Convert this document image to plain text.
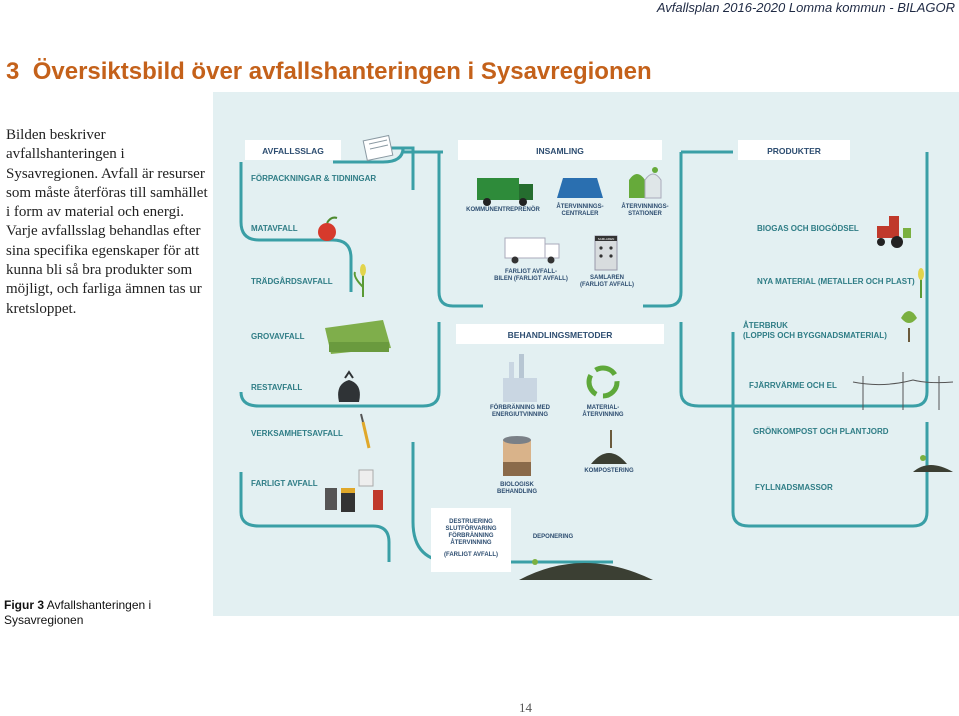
Avfallsplan 2016-2020 Lomma kommun - BILAGOR
3 Översiktsbild över avfallshanteringen i Sysavregionen
Bilden beskriver avfallshanteringen i Sysavregionen. Avfall är resurser som måste återföras till samhället i form av material och energi. Varje avfallsslag behandlas efter sina specifika egenskaper för att kunna bli så bra produkter som möjligt, och farliga ämnen tas ur kretsloppet.
AVFALLSSLAG	INSAMLING	PRODUKTER
BEHANDLINGSMETODER
FÖRPACKNINGAR & TIDNINGAR
MATAVFALL
TRÄDGÅRDSAVFALL
GROVAVFALL
RESTAVFALL
VERKSAMHETSAVFALL
FARLIGT AVFALL
KOMMUNENTREPRENÖR	ÅTERVINNINGS-
CENTRALER
ÅTERVINNINGS-
STATIONER
FARLIGT AVFALL-
BILEN (FARLIGT AVFALL)
SAMLAREN
SAMLAREN
(FARLIGT AVFALL)
FÖRBRÄNNING MED
ENERGIUTVINNING
MATERIAL-
ÅTERVINNING
KOMPOSTERING
BIOLOGISK
BEHANDLING
DESTRUERING
SLUTFÖRVARING
FÖRBRÄNNING
ÅTERVINNING
(FARLIGT AVFALL)
DEPONERING
BIOGAS OCH BIOGÖDSEL
NYA MATERIAL (METALLER OCH PLAST)
ÅTERBRUK
(LOPPIS OCH BYGGNADSMATERIAL)
FJÄRRVÄRME OCH EL
GRÖNKOMPOST OCH PLANTJORD
FYLLNADSMASSOR
Figur 3 Avfallshanteringen i
Sysavregionen
14
